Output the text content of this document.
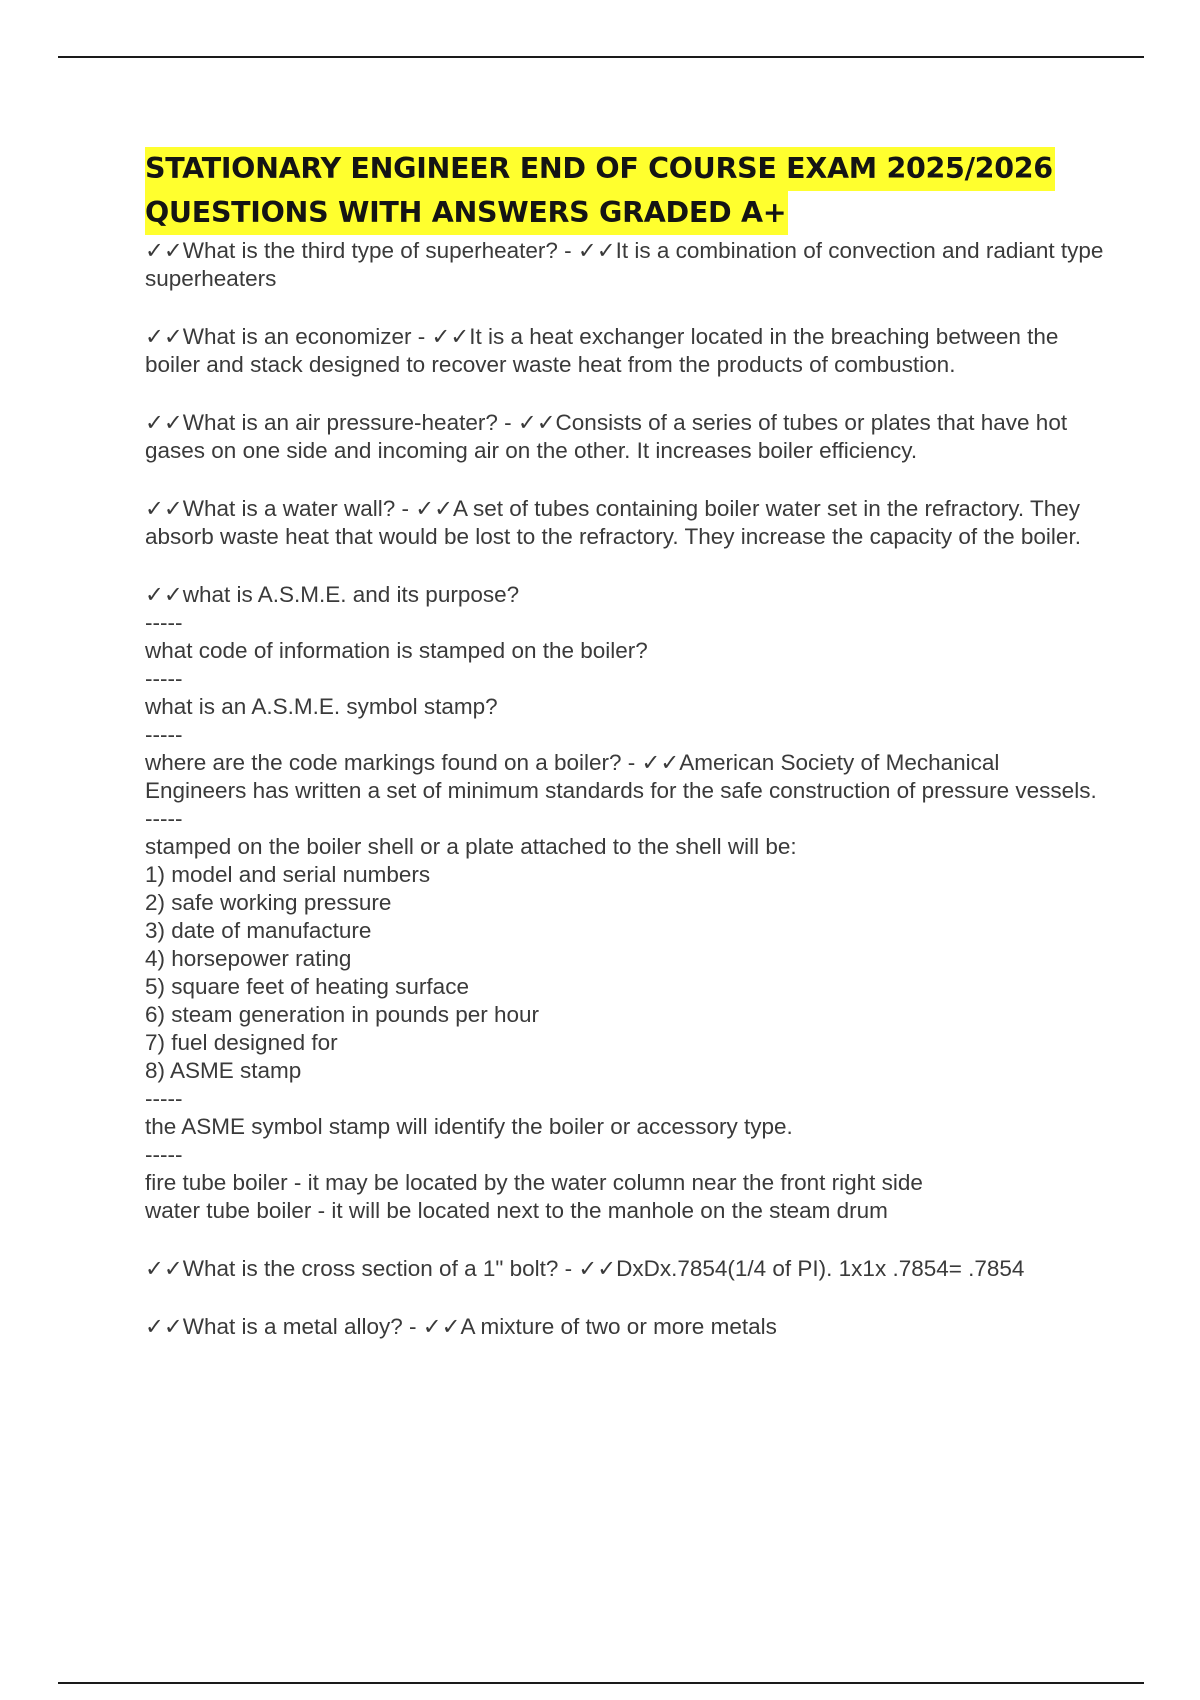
STATIONARY ENGINEER END OF COURSE EXAM 2025/2026
QUESTIONS WITH ANSWERS GRADED A+

✓✓What is the third type of superheater? - ✓✓It is a combination of convection and radiant type superheaters

✓✓What is an economizer - ✓✓It is a heat exchanger located in the breaching between the boiler and stack designed to recover waste heat from the products of combustion.

✓✓What is an air pressure-heater? - ✓✓Consists of a series of tubes or plates that have hot gases on one side and incoming air on the other. It increases boiler efficiency.

✓✓What is a water wall? - ✓✓A set of tubes containing boiler water set in the refractory. They absorb waste heat that would be lost to the refractory. They increase the capacity of the boiler.

✓✓what is A.S.M.E. and its purpose?

-----

what code of information is stamped on the boiler?

-----

what is an A.S.M.E. symbol stamp?

-----

where are the code markings found on a boiler? - ✓✓American Society of Mechanical Engineers has written a set of minimum standards for the safe construction of pressure vessels.

-----

stamped on the boiler shell or a plate attached to the shell will be:

1) model and serial numbers

2) safe working pressure

3) date of manufacture

4) horsepower rating

5) square feet of heating surface

6) steam generation in pounds per hour

7) fuel designed for

8) ASME stamp

-----

the ASME symbol stamp will identify the boiler or accessory type.

-----

fire tube boiler - it may be located by the water column near the front right side

water tube boiler - it will be located next to the manhole on the steam drum

✓✓What is the cross section of a 1" bolt? - ✓✓DxDx.7854(1/4 of PI). 1x1x .7854= .7854

✓✓What is a metal alloy? - ✓✓A mixture of two or more metals
